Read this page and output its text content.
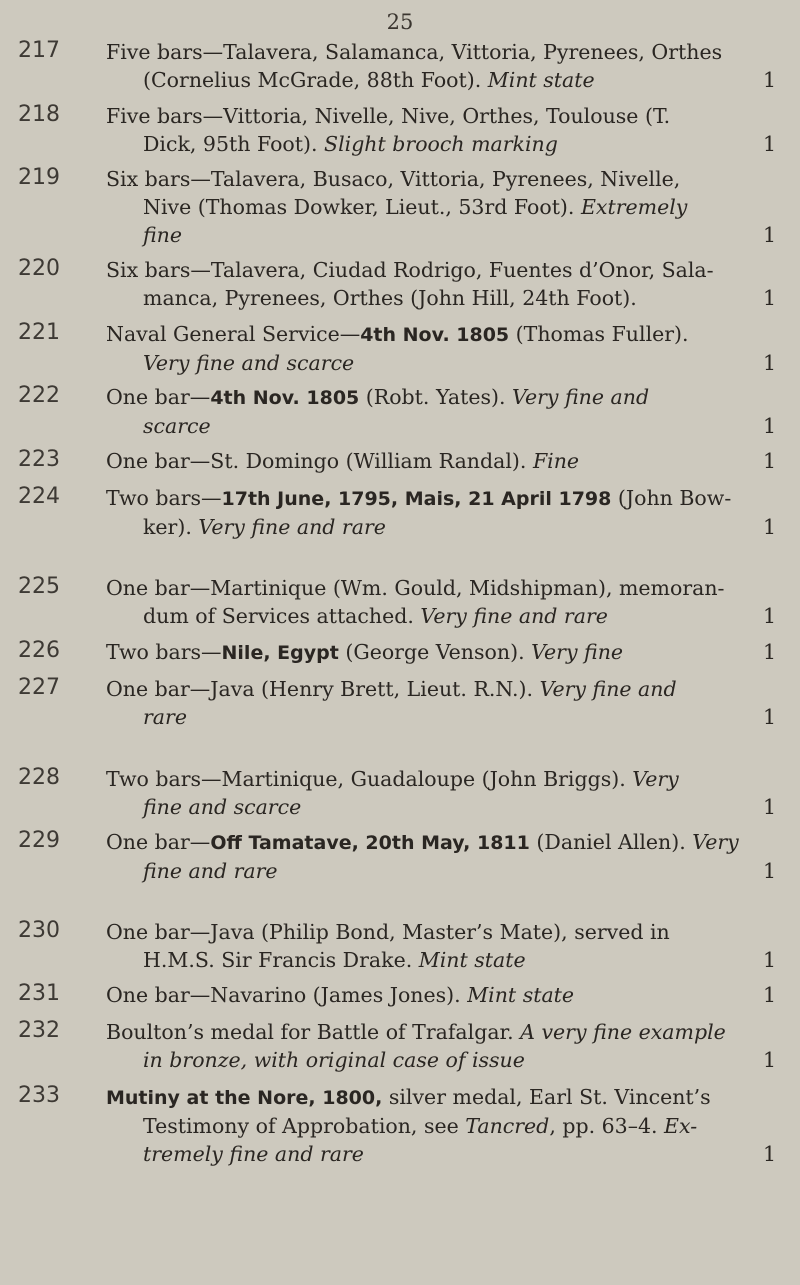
25
217	Five bars—Talavera, Salamanca, Vittoria, Pyrenees, Orthes
(Cornelius McGrade, 88th Foot). Mint state	1
218	Five bars—Vittoria, Nivelle, Nive, Orthes, Toulouse (T.
Dick, 95th Foot). Slight brooch marking	1
219	Six bars—Talavera, Busaco, Vittoria, Pyrenees, Nivelle,
Nive (Thomas Dowker, Lieut., 53rd Foot). Extremely
fine	1
220	Six bars—Talavera, Ciudad Rodrigo, Fuentes d’Onor, Sala-
manca, Pyrenees, Orthes (John Hill, 24th Foot).	1
221	Naval General Service—4th Nov. 1805 (Thomas Fuller).
Very fine and scarce	1
222	One bar—4th Nov. 1805 (Robt. Yates). Very fine and
scarce	1
223	One bar—St. Domingo (William Randal). Fine	1
224	Two bars—17th June, 1795, Mais, 21 April 1798 (John Bow-
ker). Very fine and rare	1
225	One bar—Martinique (Wm. Gould, Midshipman), memoran-
dum of Services attached. Very fine and rare	1
226	Two bars—Nile, Egypt (George Venson). Very fine	1
227	One bar—Java (Henry Brett, Lieut. R.N.). Very fine and
rare	1
228	Two bars—Martinique, Guadaloupe (John Briggs). Very
fine and scarce	1
229	One bar—Off Tamatave, 20th May, 1811 (Daniel Allen). Very
fine and rare	1
230	One bar—Java (Philip Bond, Master’s Mate), served in
H.M.S. Sir Francis Drake. Mint state	1
231	One bar—Navarino (James Jones). Mint state	1
232	Boulton’s medal for Battle of Trafalgar. A very fine example
in bronze, with original case of issue	1
233	Mutiny at the Nore, 1800, silver medal, Earl St. Vincent’s
Testimony of Approbation, see Tancred, pp. 63–4. Ex-
tremely fine and rare	1
